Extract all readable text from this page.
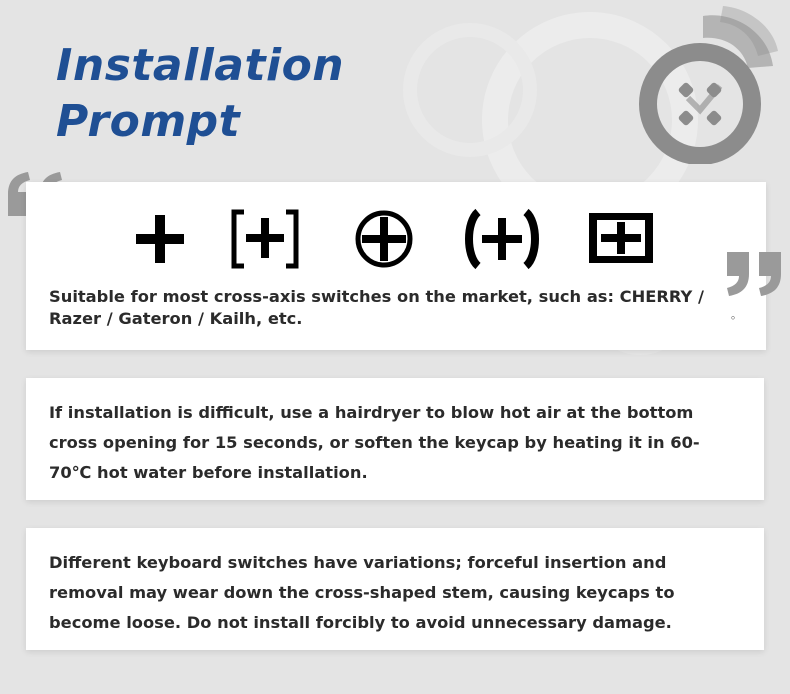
Installation
Prompt

Suitable for most cross-axis switches on the market, such as: CHERRY / Razer / Gateron / Kailh, etc.	。

If installation is difficult, use a hairdryer to blow hot air at the bottom cross opening for 15 seconds, or soften the keycap by heating it in 60-70℃ hot water before installation.

Different keyboard switches have variations; forceful insertion and removal may wear down the cross-shaped stem, causing keycaps to become loose. Do not install forcibly to avoid unnecessary damage.
